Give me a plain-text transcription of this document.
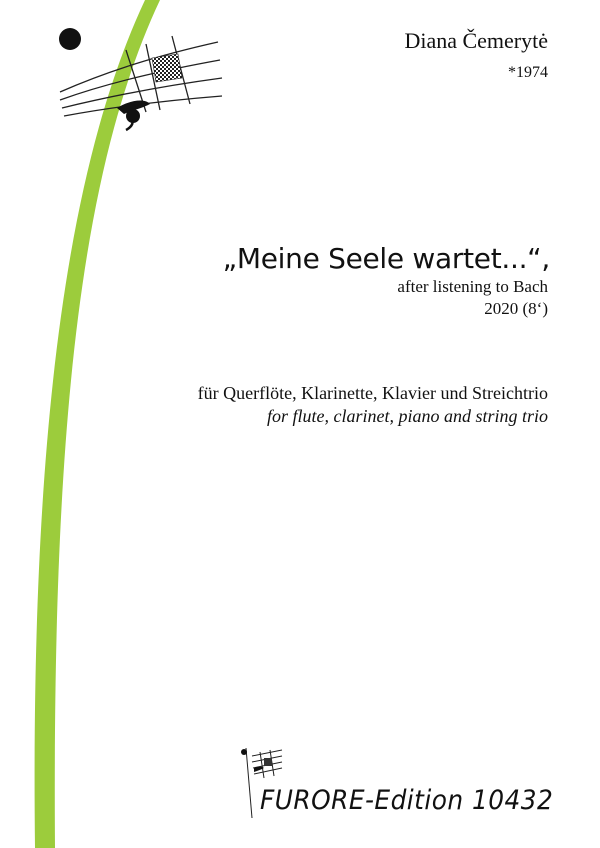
Diana Čemerytė
*1974
„Meine Seele wartet...“,
after listening to Bach
2020 (8‘)
für Querflöte, Klarinette, Klavier und Streichtrio
for flute, clarinet, piano and string trio
FURORE-Edition 10432
